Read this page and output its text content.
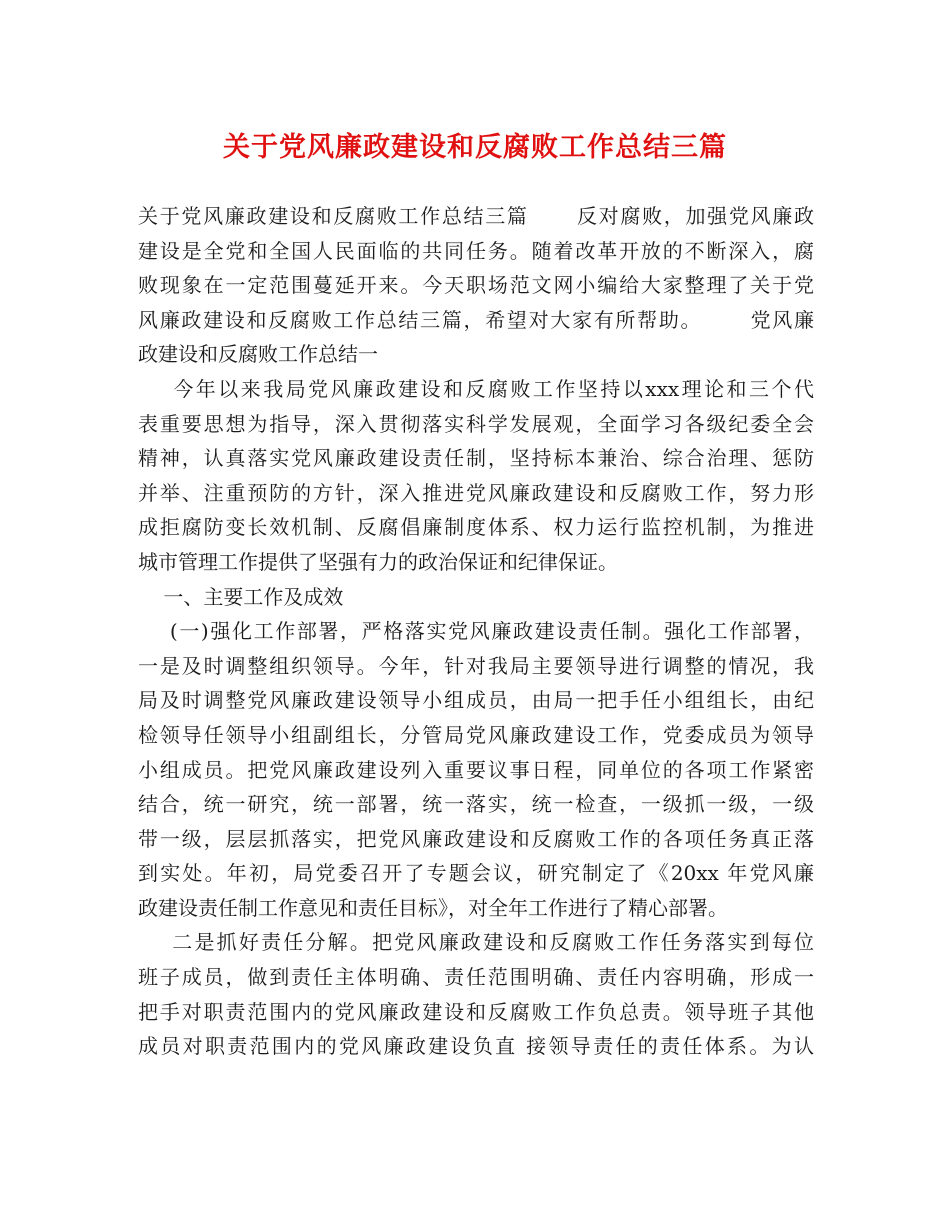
关于党风廉政建设和反腐败工作总结三篇
关于党风廉政建设和反腐败工作总结三篇      反对腐败，加强党风廉政
建设是全党和全国人民面临的共同任务。随着改革开放的不断深入，腐
败现象在一定范围蔓延开来。今天职场范文网小编给大家整理了关于党
风廉政建设和反腐败工作总结三篇，希望对大家有所帮助。      党风廉
政建设和反腐败工作总结一
今年以来我局党风廉政建设和反腐败工作坚持以xxx理论和三个代
表重要思想为指导，深入贯彻落实科学发展观，全面学习各级纪委全会
精神，认真落实党风廉政建设责任制，坚持标本兼治、综合治理、惩防
并举、注重预防的方针，深入推进党风廉政建设和反腐败工作，努力形
成拒腐防变长效机制、反腐倡廉制度体系、权力运行监控机制，为推进
城市管理工作提供了坚强有力的政治保证和纪律保证。
一、主要工作及成效
(一)强化工作部署，严格落实党风廉政建设责任制。强化工作部署，
一是及时调整组织领导。今年，针对我局主要领导进行调整的情况，我
局及时调整党风廉政建设领导小组成员，由局一把手任小组组长，由纪
检领导任领导小组副组长，分管局党风廉政建设工作，党委成员为领导
小组成员。把党风廉政建设列入重要议事日程，同单位的各项工作紧密
结合，统一研究，统一部署，统一落实，统一检查，一级抓一级，一级
带一级，层层抓落实，把党风廉政建设和反腐败工作的各项任务真正落
到实处。年初，局党委召开了专题会议，研究制定了《20xx 年党风廉
政建设责任制工作意见和责任目标》，对全年工作进行了精心部署。
二是抓好责任分解。把党风廉政建设和反腐败工作任务落实到每位
班子成员，做到责任主体明确、责任范围明确、责任内容明确，形成一
把手对职责范围内的党风廉政建设和反腐败工作负总责。领导班子其他
成员对职责范围内的党风廉政建设负直 接领导责任的责任体系。为认
